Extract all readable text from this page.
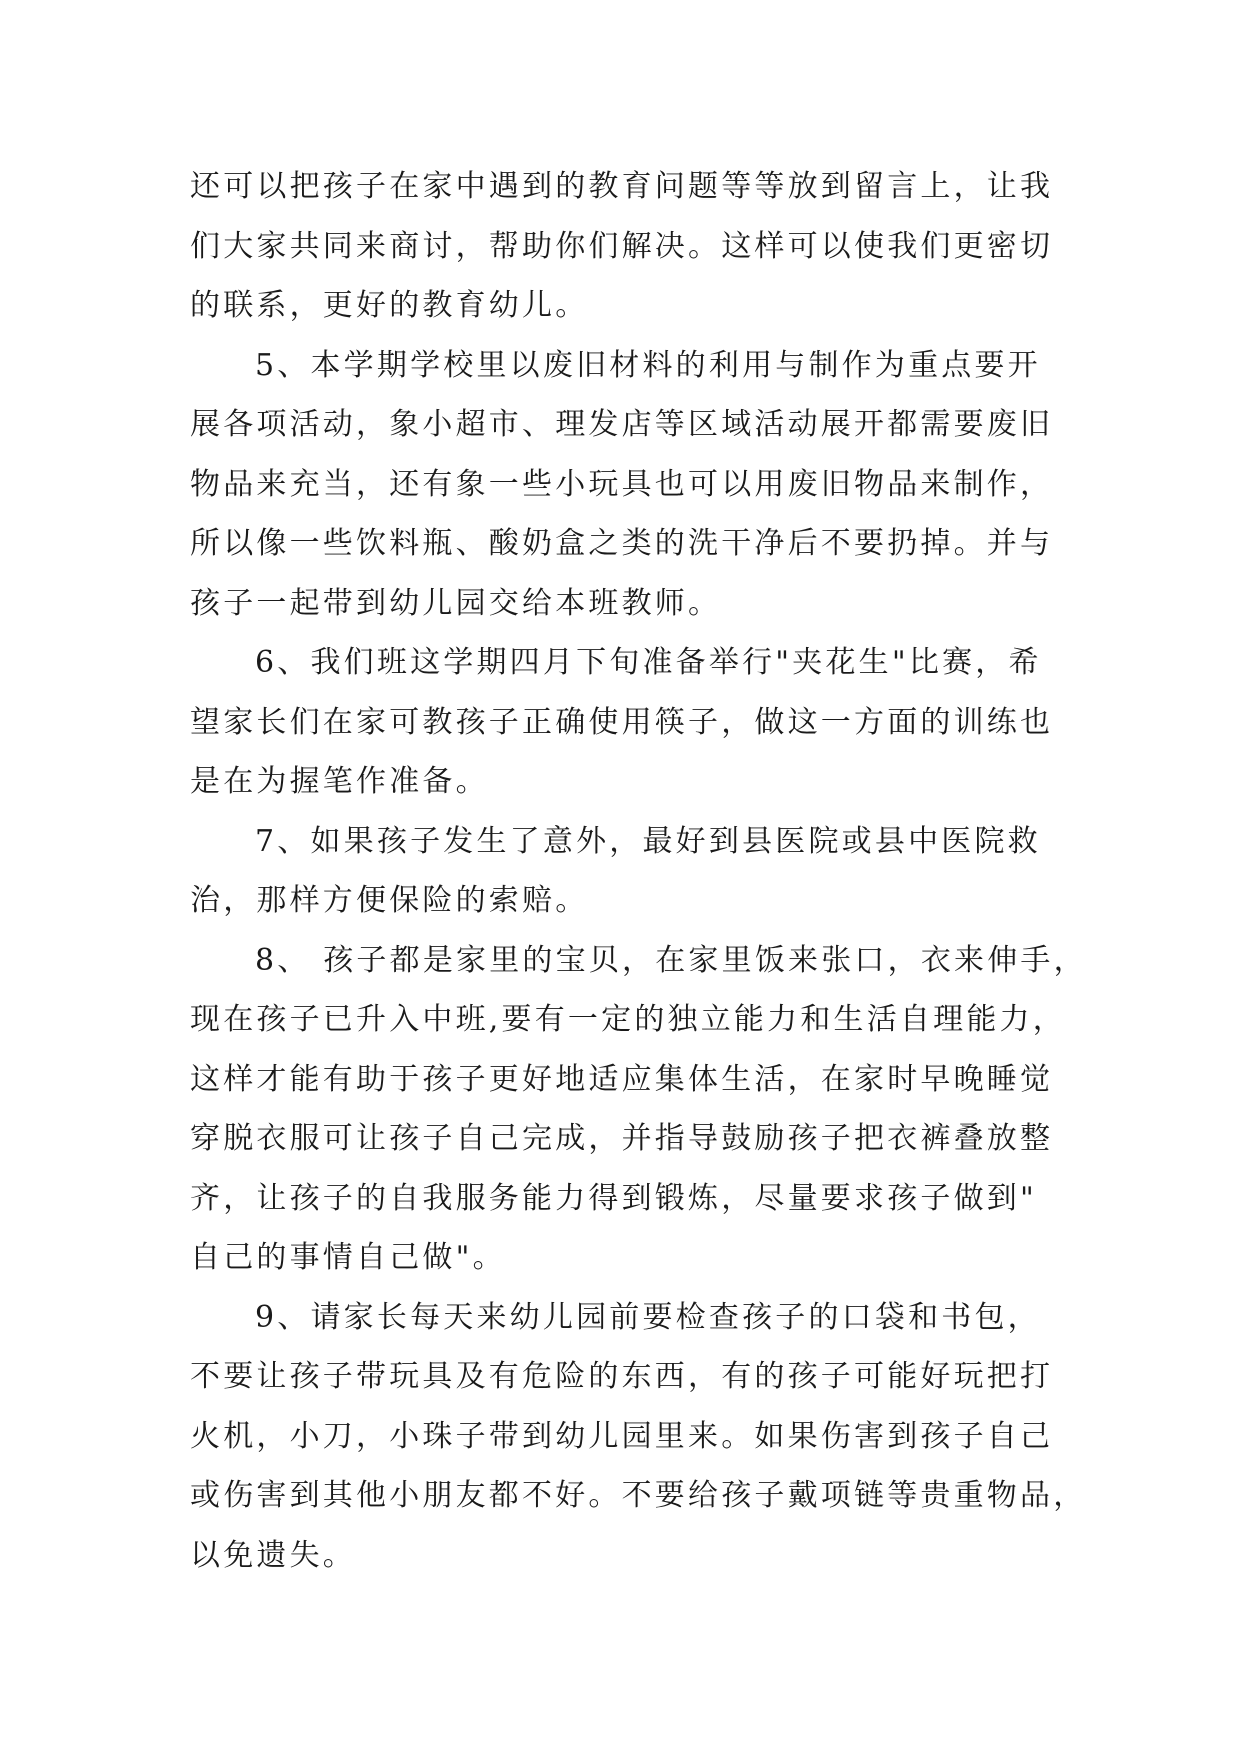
还可以把孩子在家中遇到的教育问题等等放到留言上，让我
们大家共同来商讨，帮助你们解决。这样可以使我们更密切
的联系，更好的教育幼儿。
5、本学期学校里以废旧材料的利用与制作为重点要开
展各项活动，象小超市、理发店等区域活动展开都需要废旧
物品来充当，还有象一些小玩具也可以用废旧物品来制作，
所以像一些饮料瓶、酸奶盒之类的洗干净后不要扔掉。并与
孩子一起带到幼儿园交给本班教师。
6、我们班这学期四月下旬准备举行"夹花生"比赛，希
望家长们在家可教孩子正确使用筷子，做这一方面的训练也
是在为握笔作准备。
7、如果孩子发生了意外，最好到县医院或县中医院救
治，那样方便保险的索赔。
8、 孩子都是家里的宝贝，在家里饭来张口，衣来伸手，
现在孩子已升入中班,要有一定的独立能力和生活自理能力，
这样才能有助于孩子更好地适应集体生活，在家时早晚睡觉
穿脱衣服可让孩子自己完成，并指导鼓励孩子把衣裤叠放整
齐，让孩子的自我服务能力得到锻炼，尽量要求孩子做到"
自己的事情自己做"。
9、请家长每天来幼儿园前要检查孩子的口袋和书包，
不要让孩子带玩具及有危险的东西，有的孩子可能好玩把打
火机，小刀，小珠子带到幼儿园里来。如果伤害到孩子自己
或伤害到其他小朋友都不好。不要给孩子戴项链等贵重物品，
以免遗失。
